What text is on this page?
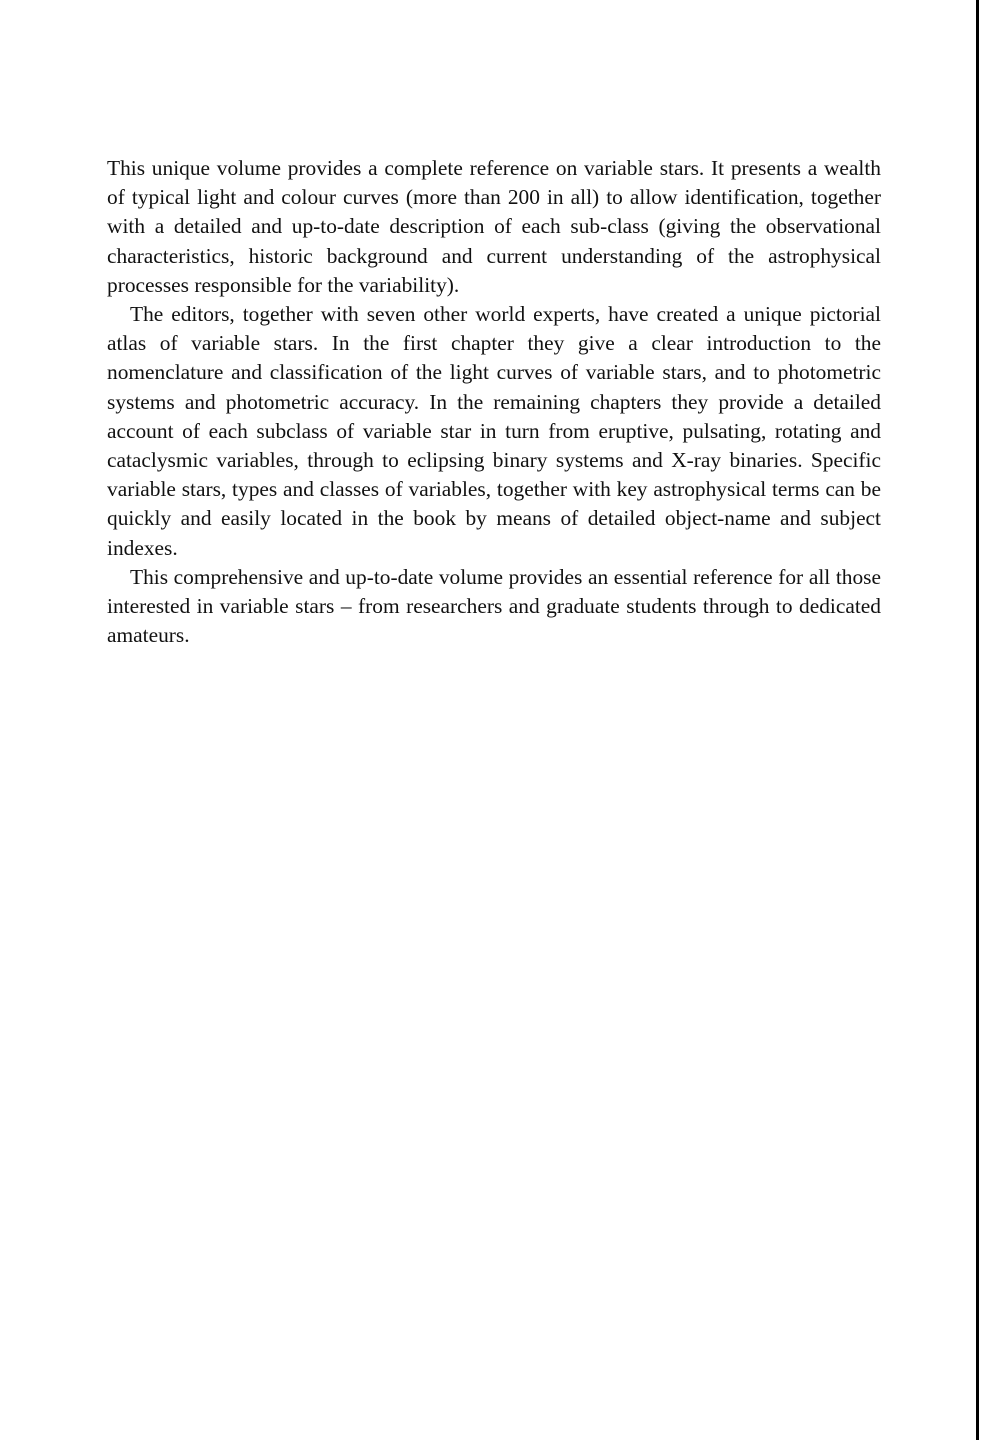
This unique volume provides a complete reference on variable stars. It presents a wealth of typical light and colour curves (more than 200 in all) to allow identification, together with a detailed and up-to-date description of each sub-class (giving the observational characteristics, historic background and current understanding of the astrophysical processes responsible for the variability).

The editors, together with seven other world experts, have created a unique pictorial atlas of variable stars. In the first chapter they give a clear introduction to the nomenclature and classification of the light curves of variable stars, and to photometric systems and photometric accuracy. In the remaining chapters they provide a detailed account of each subclass of variable star in turn from eruptive, pulsating, rotating and cataclysmic variables, through to eclipsing binary systems and X-ray binaries. Specific variable stars, types and classes of variables, together with key astrophysical terms can be quickly and easily located in the book by means of detailed object-name and subject indexes.

This comprehensive and up-to-date volume provides an essential reference for all those interested in variable stars – from researchers and graduate students through to dedicated amateurs.
